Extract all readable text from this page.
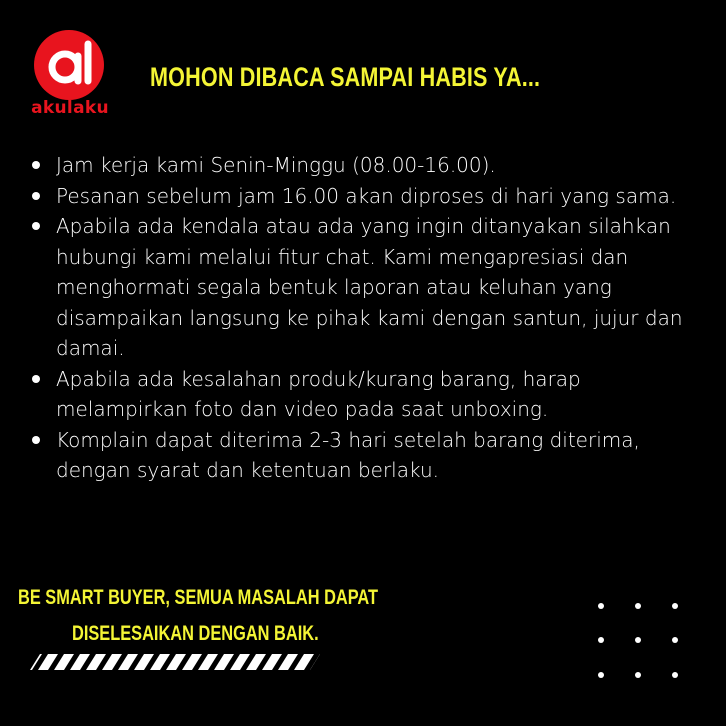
akulaku
MOHON DIBACA SAMPAI HABIS YA...
Jam kerja kami Senin-Minggu (08.00-16.00).
Pesanan sebelum jam 16.00 akan diproses di hari yang sama.
Apabila ada kendala atau ada yang ingin ditanyakan silahkan hubungi kami melalui fitur chat. Kami mengapresiasi dan menghormati segala bentuk laporan atau keluhan yang disampaikan langsung ke pihak kami dengan santun, jujur dan damai.
Apabila ada kesalahan produk/kurang barang, harap melampirkan foto dan video pada saat unboxing.
Komplain dapat diterima 2-3 hari setelah barang diterima, dengan syarat dan ketentuan berlaku.
BE SMART BUYER, SEMUA MASALAH DAPAT
DISELESAIKAN DENGAN BAIK.
